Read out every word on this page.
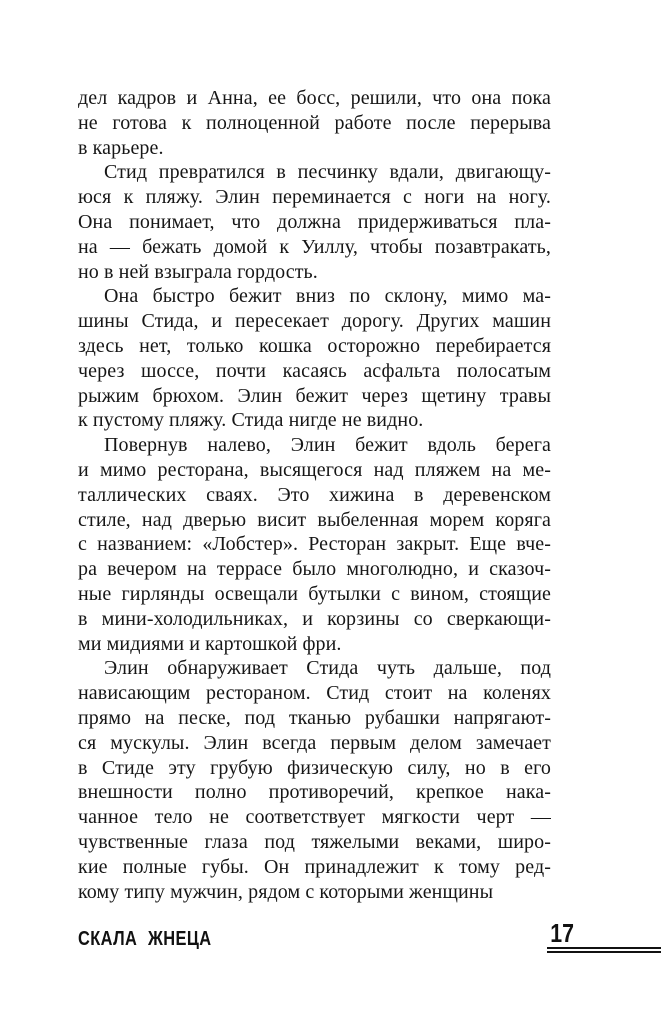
дел кадров и Анна, ее босс, решили, что она пока
не готова к полноценной работе после перерыва
в карьере.
Стид превратился в песчинку вдали, двигающу-
юся к пляжу. Элин переминается с ноги на ногу.
Она понимает, что должна придерживаться пла-
на — бежать домой к Уиллу, чтобы позавтракать,
но в ней взыграла гордость.
Она быстро бежит вниз по склону, мимо ма-
шины Стида, и пересекает дорогу. Других машин
здесь нет, только кошка осторожно перебирается
через шоссе, почти касаясь асфальта полосатым
рыжим брюхом. Элин бежит через щетину травы
к пустому пляжу. Стида нигде не видно.
Повернув налево, Элин бежит вдоль берега
и мимо ресторана, высящегося над пляжем на ме-
таллических сваях. Это хижина в деревенском
стиле, над дверью висит выбеленная морем коряга
с названием: «Лобстер». Ресторан закрыт. Еще вче-
ра вечером на террасе было многолюдно, и сказоч-
ные гирлянды освещали бутылки с вином, стоящие
в мини-холодильниках, и корзины со сверкающи-
ми мидиями и картошкой фри.
Элин обнаруживает Стида чуть дальше, под
нависающим рестораном. Стид стоит на коленях
прямо на песке, под тканью рубашки напрягают-
ся мускулы. Элин всегда первым делом замечает
в Стиде эту грубую физическую силу, но в его
внешности полно противоречий, крепкое нака-
чанное тело не соответствует мягкости черт —
чувственные глаза под тяжелыми веками, широ-
кие полные губы. Он принадлежит к тому ред-
кому типу мужчин, рядом с которыми женщины
СКАЛА ЖНЕЦА	17
